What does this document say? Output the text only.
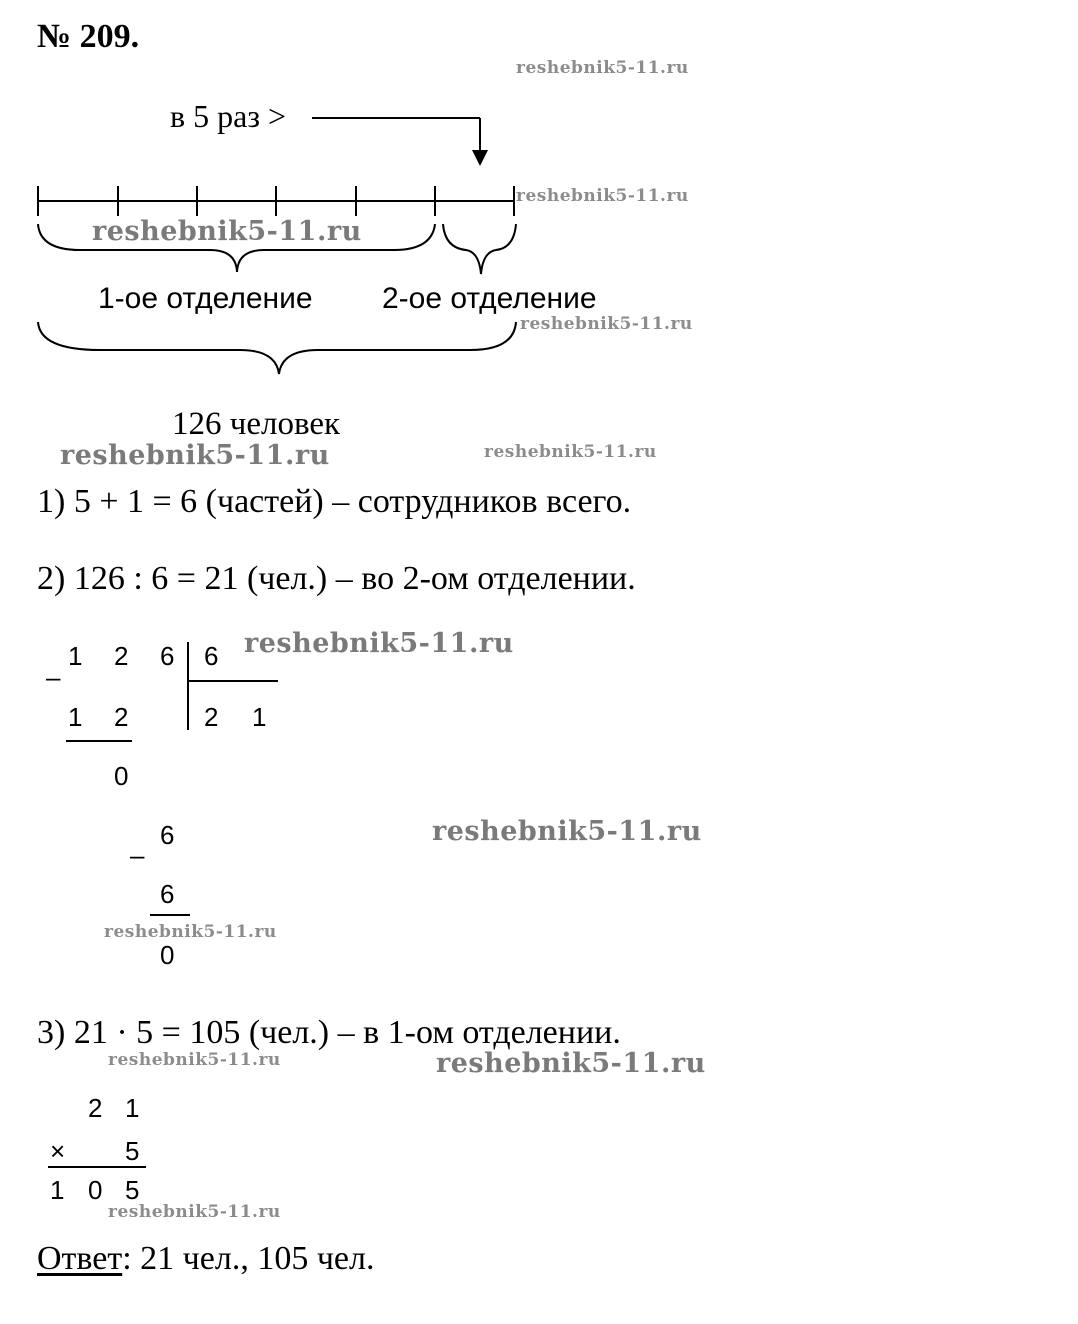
№ 209.
в 5 раз >
1-ое отделение 2-ое отделение
126 человек
1) 5 + 1 = 6 (частей) – сотрудников всего.
2) 126 : 6 = 21 (чел.) – во 2-ом отделении.
1 2 6 6
–
1 2	2 1
0
6
–
6
0
3) 21 · 5 = 105 (чел.) – в 1-ом отделении.
2 1
× 5
1 0 5
Ответ: 21 чел., 105 чел.
reshebnik5-11.ru
reshebnik5-11.ru
reshebnik5-11.ru
reshebnik5-11.ru
reshebnik5-11.ru	reshebnik5-11.ru
reshebnik5-11.ru
reshebnik5-11.ru
reshebnik5-11.ru
reshebnik5-11.ru	reshebnik5-11.ru
reshebnik5-11.ru
